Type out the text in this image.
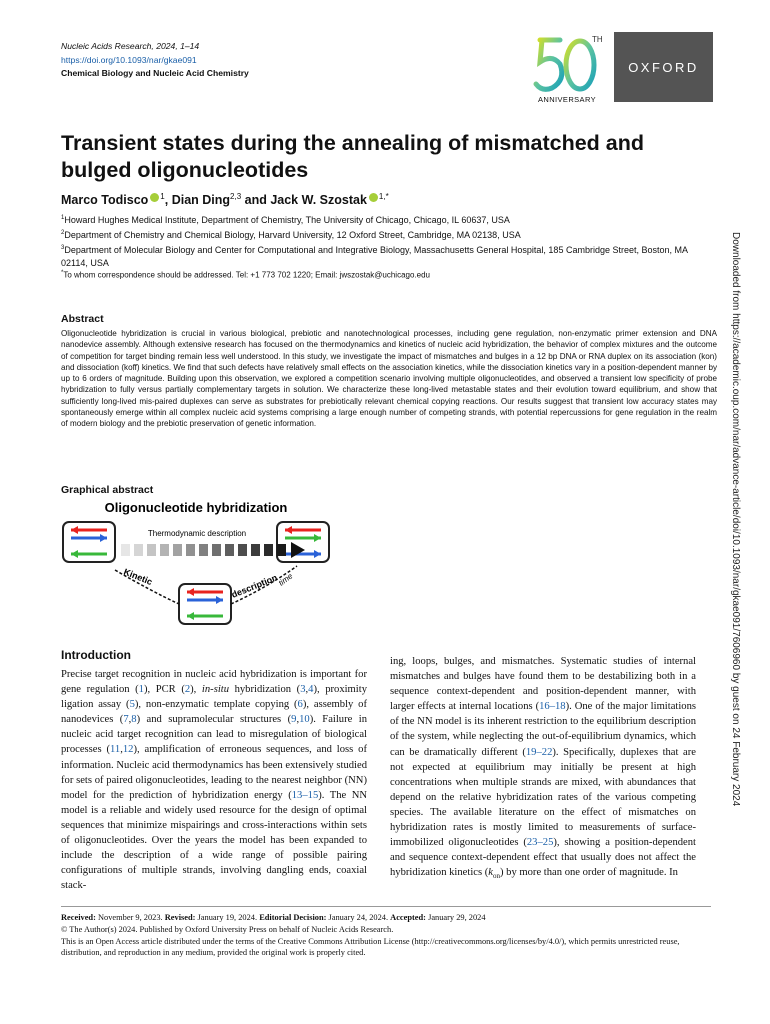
Nucleic Acids Research, 2024, 1–14
https://doi.org/10.1093/nar/gkae091
Chemical Biology and Nucleic Acid Chemistry
TH
ANNIVERSARY
OXFORD
Transient states during the annealing of mismatched and bulged oligonucleotides
Marco Todisco $^1$, Dian Ding$^{2,3}$ and Jack W. Szostak $^{1,*}$
$^1$Howard Hughes Medical Institute, Department of Chemistry, The University of Chicago, Chicago, IL 60637, USA
$^2$Department of Chemistry and Chemical Biology, Harvard University, 12 Oxford Street, Cambridge, MA 02138, USA
$^3$Department of Molecular Biology and Center for Computational and Integrative Biology, Massachusetts General Hospital, 185 Cambridge Street, Boston, MA 02114, USA
*To whom correspondence should be addressed. Tel: +1 773 702 1220; Email: jwszostak@uchicago.edu
Abstract

Oligonucleotide hybridization is crucial in various biological, prebiotic and nanotechnological processes, including gene regulation, non-enzymatic primer extension and DNA nanodevice assembly. Although extensive research has focused on the thermodynamics and kinetics of nucleic acid hybridization, the behavior of complex mixtures and the outcome of competition for target binding remain less well understood. In this study, we investigate the impact of mismatches and bulges in a 12 bp DNA or RNA duplex on its association (kon) and dissociation (koff) kinetics. We find that such defects have relatively small effects on the association kinetics, while the dissociation kinetics vary in a position-dependent manner by up to 6 orders of magnitude. Building upon this observation, we explored a competition scenario involving multiple oligonucleotides, and observed a transient low specificity of probe hybridization to fully versus partially complementary targets in solution. We characterize these long-lived metastable states and their evolution toward equilibrium, and show that sufficiently long-lived mis-paired duplexes can serve as substrates for prebiotically relevant chemical copying reactions. Our results suggest that transient low accuracy states may spontaneously emerge within all complex nucleic acid systems comprising a large enough number of competing strands, with potential repercussions for gene regulation in the realm of modern biology and the prebiotic preservation of genetic information.

Graphical abstract
Oligonucleotide hybridization
Thermodynamic description
Kinetic	description
time
Introduction
Precise target recognition in nucleic acid hybridization is important for gene regulation (1), PCR (2), in-situ hybridization (3,4), proximity ligation assay (5), non-enzymatic template copying (6), assembly of nanodevices (7,8) and supramolecular structures (9,10). Failure in nucleic acid target recognition can lead to misregulation of biological processes (11,12), amplification of erroneous sequences, and loss of information. Nucleic acid thermodynamics has been extensively studied for sets of paired oligonucleotides, leading to the nearest neighbor (NN) model for the prediction of hybridization energy (13–15). The NN model is a reliable and widely used resource for the design of optimal sequences that minimize mispairings and cross-interactions within sets of oligonucleotides. Over the years the model has been expanded to include the description of a wide range of possible pairing configurations of multiple strands, involving dangling ends, coaxial stack-
ing, loops, bulges, and mismatches. Systematic studies of internal mismatches and bulges have found them to be destabilizing both in a sequence context-dependent and position-dependent manner, with larger effects at internal locations (16–18). One of the major limitations of the NN model is its inherent restriction to the equilibrium description of the system, while neglecting the out-of-equilibrium dynamics, which can be dramatically different (19–22). Specifically, duplexes that are not expected at equilibrium may initially be present at high concentrations when multiple strands are mixed, with abundances that depend on the relative hybridization rates of the various competing species. The available literature on the effect of mismatches on hybridization rates is mostly limited to measurements of surface-immobilized oligonucleotides (23–25), showing a position-dependent and sequence context-dependent effect that usually does not affect the hybridization kinetics $(k_{on})$ by more than one order of magnitude. In
Received: November 9, 2023. Revised: January 19, 2024. Editorial Decision: January 24, 2024. Accepted: January 29, 2024
© The Author(s) 2024. Published by Oxford University Press on behalf of Nucleic Acids Research.
This is an Open Access article distributed under the terms of the Creative Commons Attribution License (http://creativecommons.org/licenses/by/4.0/), which permits unrestricted reuse, distribution, and reproduction in any medium, provided the original work is properly cited.
Downloaded from https://academic.oup.com/nar/advance-article/doi/10.1093/nar/gkae091/7606960 by guest on 24 February 2024
